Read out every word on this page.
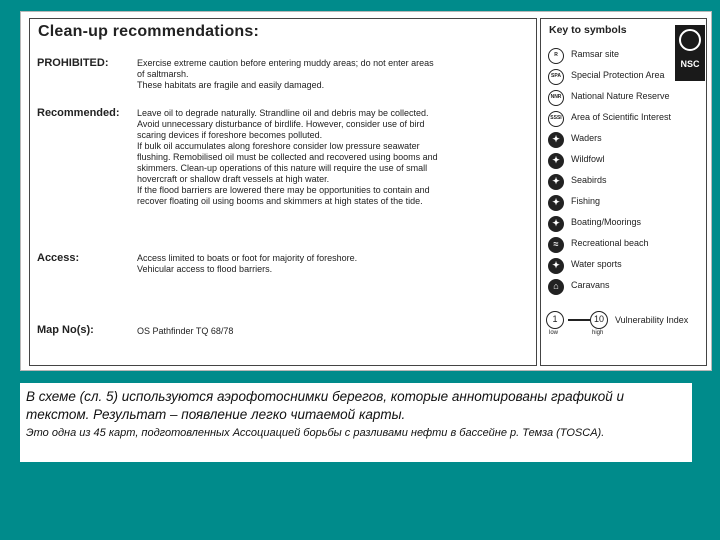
Clean-up recommendations:
PROHIBITED:	Exercise extreme caution before entering muddy areas; do not enter areas
of saltmarsh.
These habitats are fragile and easily damaged.
Recommended: Leave oil to degrade naturally. Strandline oil and debris may be collected.
Avoid unnecessary disturbance of birdlife. However, consider use of bird
scaring devices if foreshore becomes polluted.
If bulk oil accumulates along foreshore consider low pressure seawater
flushing. Remobilised oil must be collected and recovered using booms and
skimmers. Clean-up operations of this nature will require the use of small
hovercraft or shallow draft vessels at high water.
If the flood barriers are lowered there may be opportunities to contain and
recover floating oil using booms and skimmers at high states of the tide.
Access:	Access limited to boats or foot for majority of foreshore.
Vehicular access to flood barriers.
Map No(s):	OS Pathfinder TQ 68/78
Key to symbols
NSC
R	Ramsar site
SPA	Special Protection Area
NNR National Nature Reserve
SSSI Area of Scientific Interest
✦	Waders
✦	Wildfowl
✦	Seabirds
✦	Fishing
✦	Boating/Moorings
≈	Recreational beach
✦	Water sports
⌂	Caravans
1	10
low	high
Vulnerability Index
В схеме (сл. 5) используются аэрофотоснимки берегов, которые аннотированы графикой и текстом. Результат – появление легко читаемой карты.
Это одна из 45 карт, подготовленных Ассоциацией борьбы с разливами нефти в бассейне р. Темза (TOSCA).
